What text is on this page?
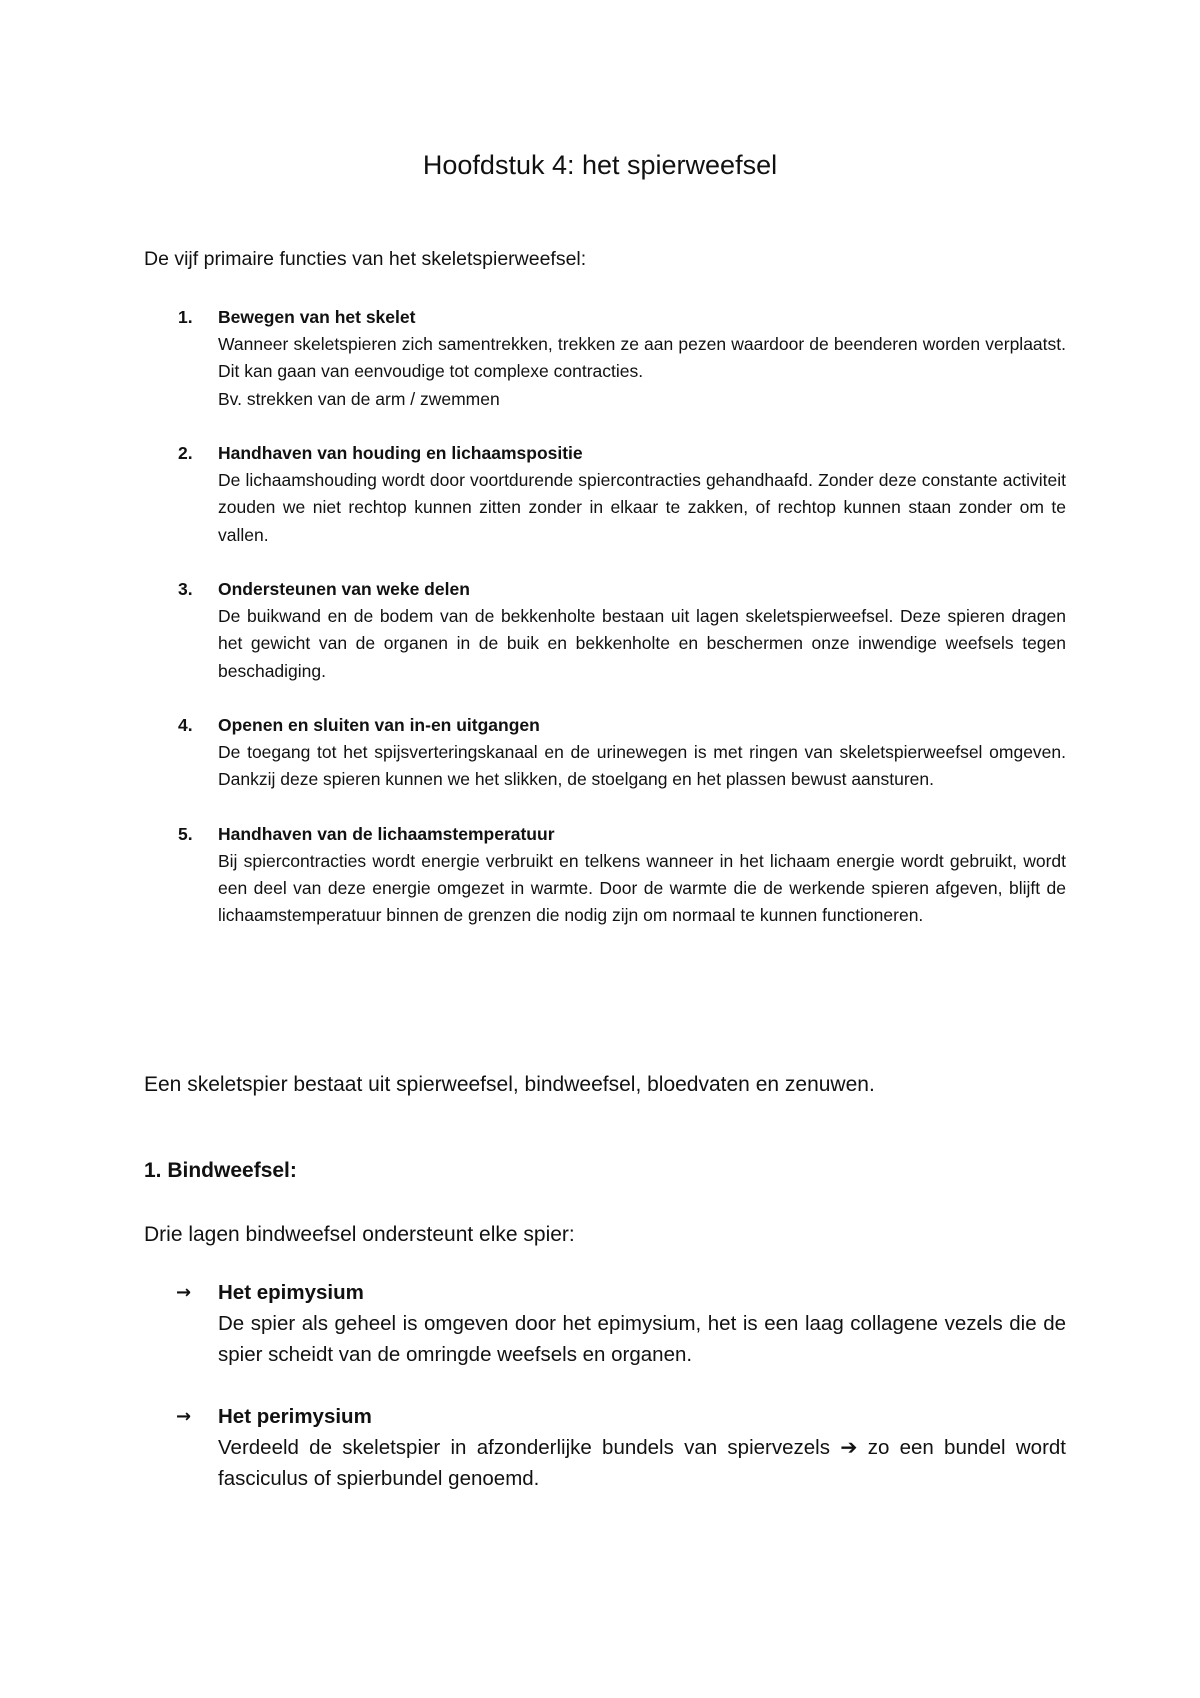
Hoofdstuk 4: het spierweefsel

De vijf primaire functies van het skeletspierweefsel:

1. Bewegen van het skelet
Wanneer skeletspieren zich samentrekken, trekken ze aan pezen waardoor de beenderen worden verplaatst. Dit kan gaan van eenvoudige tot complexe contracties.
Bv. strekken van de arm / zwemmen
2. Handhaven van houding en lichaamspositie
De lichaamshouding wordt door voortdurende spiercontracties gehandhaafd. Zonder deze constante activiteit zouden we niet rechtop kunnen zitten zonder in elkaar te zakken, of rechtop kunnen staan zonder om te vallen.
3. Ondersteunen van weke delen
De buikwand en de bodem van de bekkenholte bestaan uit lagen skeletspierweefsel. Deze spieren dragen het gewicht van de organen in de buik en bekkenholte en beschermen onze inwendige weefsels tegen beschadiging.
4. Openen en sluiten van in-en uitgangen
De toegang tot het spijsverteringskanaal en de urinewegen is met ringen van skeletspierweefsel omgeven. Dankzij deze spieren kunnen we het slikken, de stoelgang en het plassen bewust aansturen.
5. Handhaven van de lichaamstemperatuur
Bij spiercontracties wordt energie verbruikt en telkens wanneer in het lichaam energie wordt gebruikt, wordt een deel van deze energie omgezet in warmte. Door de warmte die de werkende spieren afgeven, blijft de lichaamstemperatuur binnen de grenzen die nodig zijn om normaal te kunnen functioneren.

Een skeletspier bestaat uit spierweefsel, bindweefsel, bloedvaten en zenuwen.

1. Bindweefsel:

Drie lagen bindweefsel ondersteunt elke spier:

→ Het epimysium
De spier als geheel is omgeven door het epimysium, het is een laag collagene vezels die de spier scheidt van de omringde weefsels en organen.
→ Het perimysium
Verdeeld de skeletspier in afzonderlijke bundels van spiervezels ➔ zo een bundel wordt fasciculus of spierbundel genoemd.
